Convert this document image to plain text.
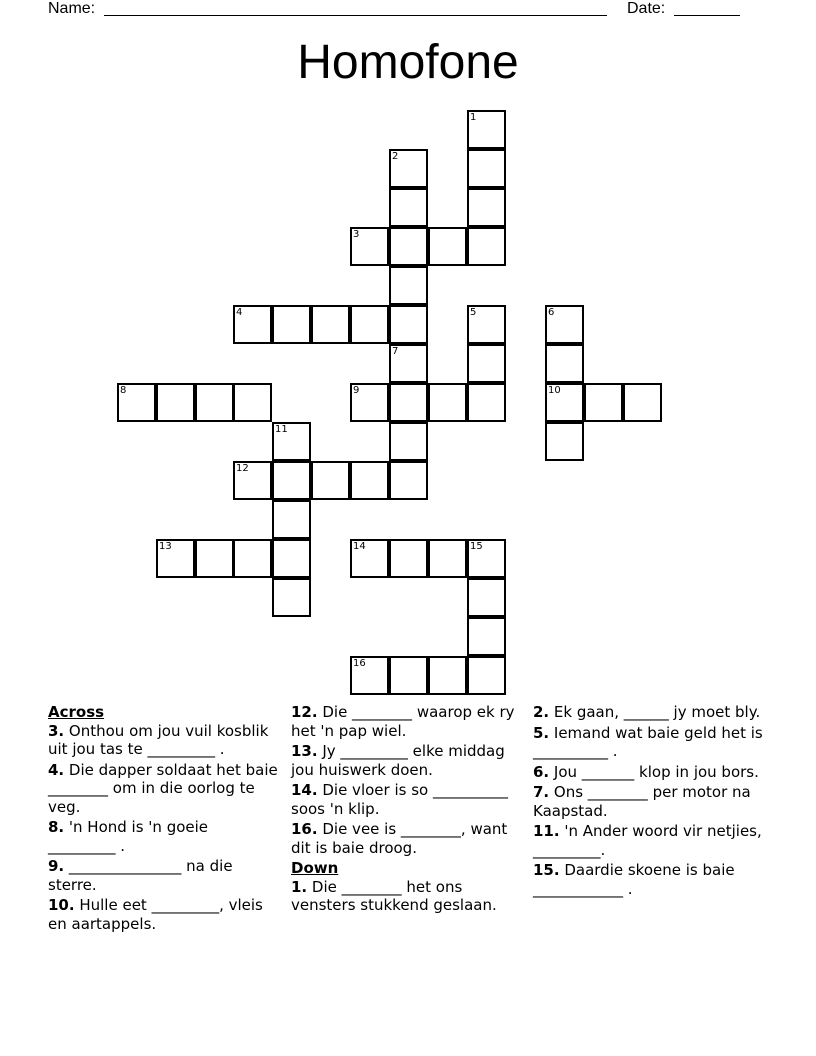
Name:	Date:
Homofone
1
2
3
4	5	6
7
8	9	10
11
12
13	14	15
16

Across

3. Onthou om jou vuil kosblik uit jou tas te _________ .

4. Die dapper soldaat het baie ________ om in die oorlog te veg.

8. 'n Hond is 'n goeie _________ .

9. _______________ na die sterre.

10. Hulle eet _________, vleis en aartappels.

12. Die ________ waarop ek ry het 'n pap wiel.

13. Jy _________ elke middag jou huiswerk doen.

14. Die vloer is so __________ soos 'n klip.

16. Die vee is ________, want dit is baie droog.

Down

1. Die ________ het ons vensters stukkend geslaan.

2. Ek gaan, ______ jy moet bly.

5. Iemand wat baie geld het is __________ .

6. Jou _______ klop in jou bors.

7. Ons ________ per motor na Kaapstad.

11. 'n Ander woord vir netjies, _________.

15. Daardie skoene is baie ____________ .
